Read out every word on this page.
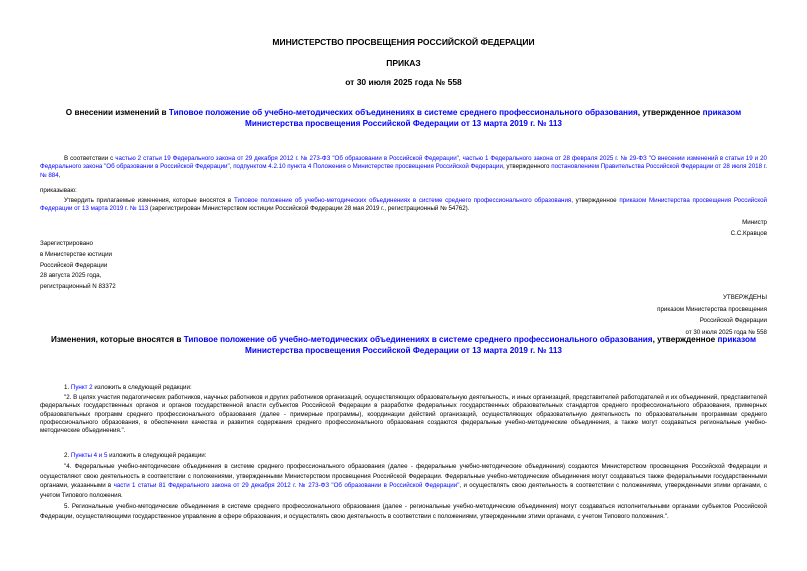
МИНИСТЕРСТВО ПРОСВЕЩЕНИЯ РОССИЙСКОЙ ФЕДЕРАЦИИ
ПРИКАЗ
от 30 июля 2025 года № 558
О внесении изменений в Типовое положение об учебно-методических объединениях в системе среднего профессионального образования, утвержденное приказом Министерства просвещения Российской Федерации от 13 марта 2019 г. № 113
В соответствии с частью 2 статьи 19 Федерального закона от 29 декабря 2012 г. № 273-ФЗ "Об образовании в Российской Федерации", частью 1 Федерального закона от 28 февраля 2025 г. № 29-ФЗ "О внесении изменений в статьи 19 и 20 Федерального закона "Об образовании в Российской Федерации", подпунктом 4.2.10 пункта 4 Положения о Министерстве просвещения Российской Федерации, утвержденного постановлением Правительства Российской Федерации от 28 июля 2018 г. № 884,
приказываю:
Утвердить прилагаемые изменения, которые вносятся в Типовое положение об учебно-методических объединениях в системе среднего профессионального образования, утвержденное приказом Министерства просвещения Российской Федерации от 13 марта 2019 г. № 113 (зарегистрирован Министерством юстиции Российской Федерации 28 мая 2019 г., регистрационный № 54762).
Министр
С.С.Кравцов
Зарегистрировано
в Министерстве юстиции
Российской Федерации
28 августа 2025 года,
регистрационный N 83372
УТВЕРЖДЕНЫ
приказом Министерства просвещения
Российской Федерации
от 30 июля 2025 года № 558
Изменения, которые вносятся в Типовое положение об учебно-методических объединениях в системе среднего профессионального образования, утвержденное приказом Министерства просвещения Российской Федерации от 13 марта 2019 г. № 113
1. Пункт 2 изложить в следующей редакции:
"2. В целях участия педагогических работников, научных работников и других работников организаций, осуществляющих образовательную деятельность, и иных организаций, представителей работодателей и их объединений, представителей федеральных государственных органов и органов государственной власти субъектов Российской Федерации в разработке федеральных государственных образовательных стандартов среднего профессионального образования, примерных образовательных программ среднего профессионального образования (далее - примерные программы), координации действий организаций, осуществляющих образовательную деятельность по образовательным программам среднего профессионального образования, в обеспечении качества и развития содержания среднего профессионального образования создаются федеральные учебно-методические объединения, а также могут создаваться региональные учебно-методические объединения.".
2. Пункты 4 и 5 изложить в следующей редакции:
"4. Федеральные учебно-методические объединения в системе среднего профессионального образования (далее - федеральные учебно-методические объединения) создаются Министерством просвещения Российской Федерации и осуществляют свою деятельность в соответствии с положениями, утвержденными Министерством просвещения Российской Федерации. Федеральные учебно-методические объединения могут создаваться также федеральными государственными органами, указанными в части 1 статьи 81 Федерального закона от 29 декабря 2012 г. № 273-ФЗ "Об образовании в Российской Федерации", и осуществлять свою деятельность в соответствии с положениями, утвержденными этими органами, с учетом Типового положения.
5. Региональные учебно-методические объединения в системе среднего профессионального образования (далее - региональные учебно-методические объединения) могут создаваться исполнительными органами субъектов Российской Федерации, осуществляющими государственное управление в сфере образования, и осуществлять свою деятельность в соответствии с положениями, утвержденными этими органами, с учетом Типового положения.".
